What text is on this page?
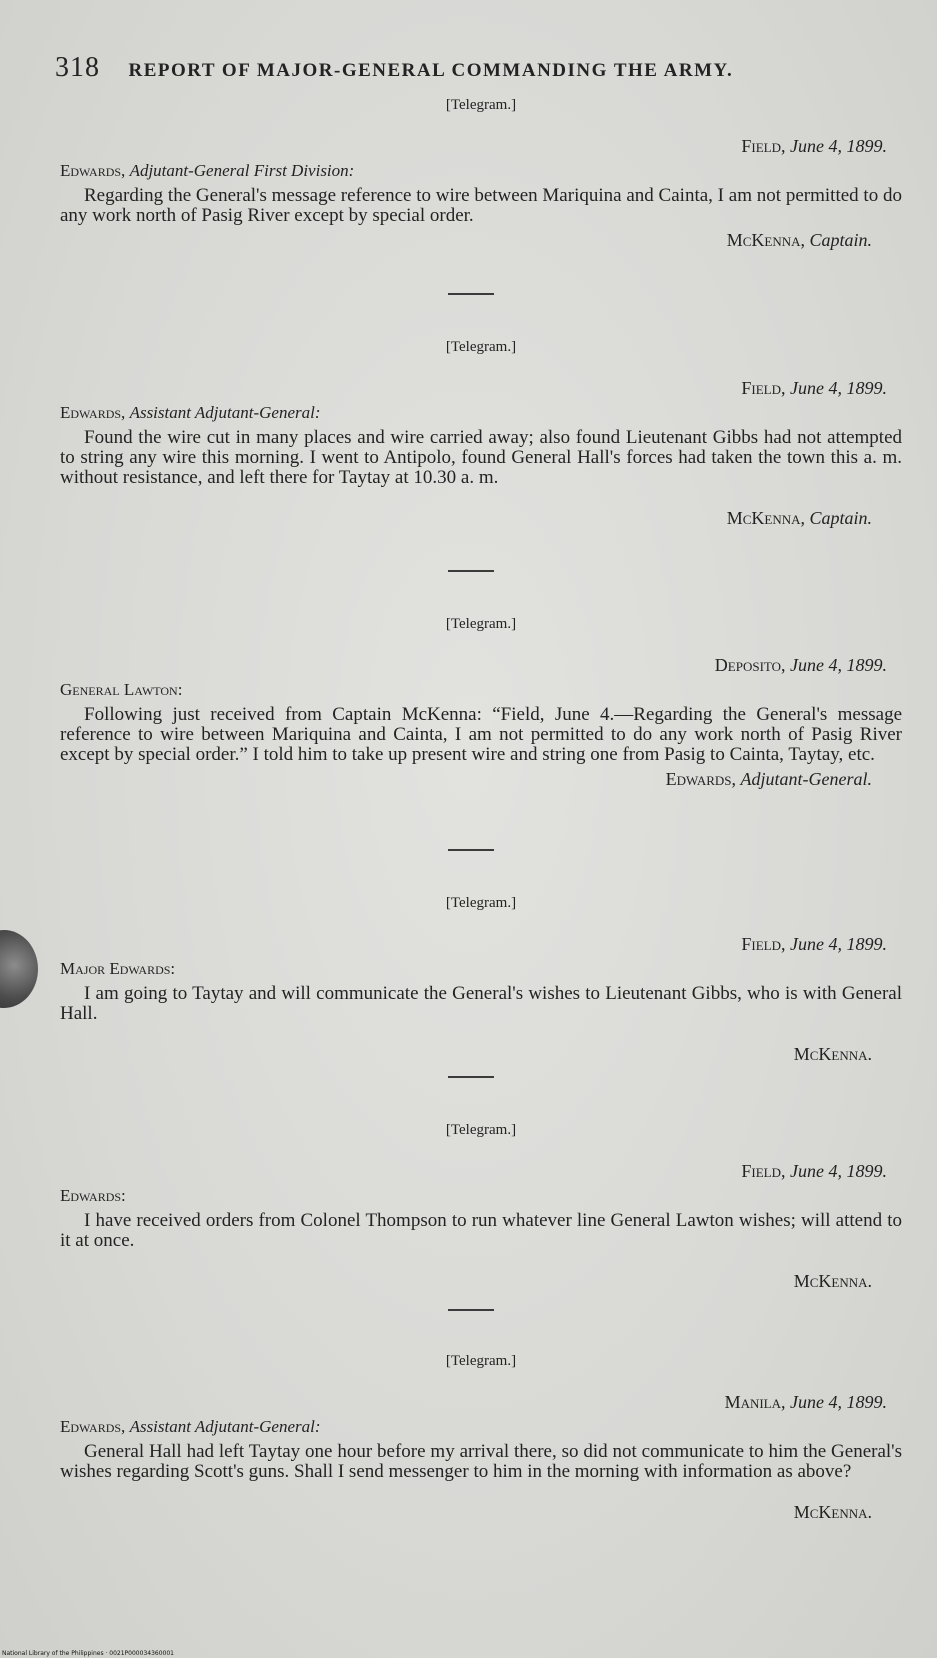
318 REPORT OF MAJOR-GENERAL COMMANDING THE ARMY.
[Telegram.]
Field, June 4, 1899.
Edwards, Adjutant-General First Division:
Regarding the General's message reference to wire between Mariquina and Cainta, I am not permitted to do any work north of Pasig River except by special order.
McKenna, Captain.
[Telegram.]
Field, June 4, 1899.
Edwards, Assistant Adjutant-General:
Found the wire cut in many places and wire carried away; also found Lieutenant Gibbs had not attempted to string any wire this morning. I went to Antipolo, found General Hall's forces had taken the town this a. m. without resistance, and left there for Taytay at 10.30 a. m.
McKenna, Captain.
[Telegram.]
Deposito, June 4, 1899.
General Lawton:
Following just received from Captain McKenna: “Field, June 4.—Regarding the General's message reference to wire between Mariquina and Cainta, I am not permitted to do any work north of Pasig River except by special order.” I told him to take up present wire and string one from Pasig to Cainta, Taytay, etc.
Edwards, Adjutant-General.
[Telegram.]
Field, June 4, 1899.
Major Edwards:
I am going to Taytay and will communicate the General's wishes to Lieutenant Gibbs, who is with General Hall.
McKenna.
[Telegram.]
Field, June 4, 1899.
Edwards:
I have received orders from Colonel Thompson to run whatever line General Lawton wishes; will attend to it at once.
McKenna.
[Telegram.]
Manila, June 4, 1899.
Edwards, Assistant Adjutant-General:
General Hall had left Taytay one hour before my arrival there, so did not communicate to him the General's wishes regarding Scott's guns. Shall I send messenger to him in the morning with information as above?
McKenna.
National Library of the Philippines · 0021P000034360001
